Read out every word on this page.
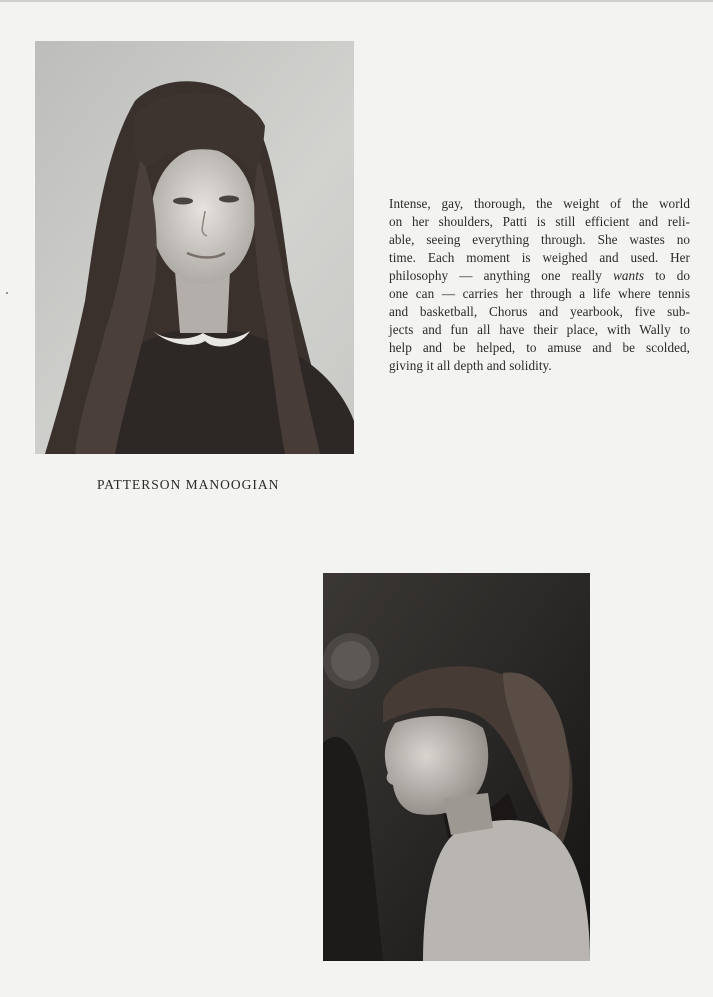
Intense, gay, thorough, the weight of the world
on her shoulders, Patti is still efficient and reli-
able, seeing everything through. She wastes no
time. Each moment is weighed and used. Her
philosophy — anything one really wants to do
one can — carries her through a life where tennis
and basketball, Chorus and yearbook, five sub-
jects and fun all have their place, with Wally to
help and be helped, to amuse and be scolded,
giving it all depth and solidity.
PATTERSON MANOOGIAN
